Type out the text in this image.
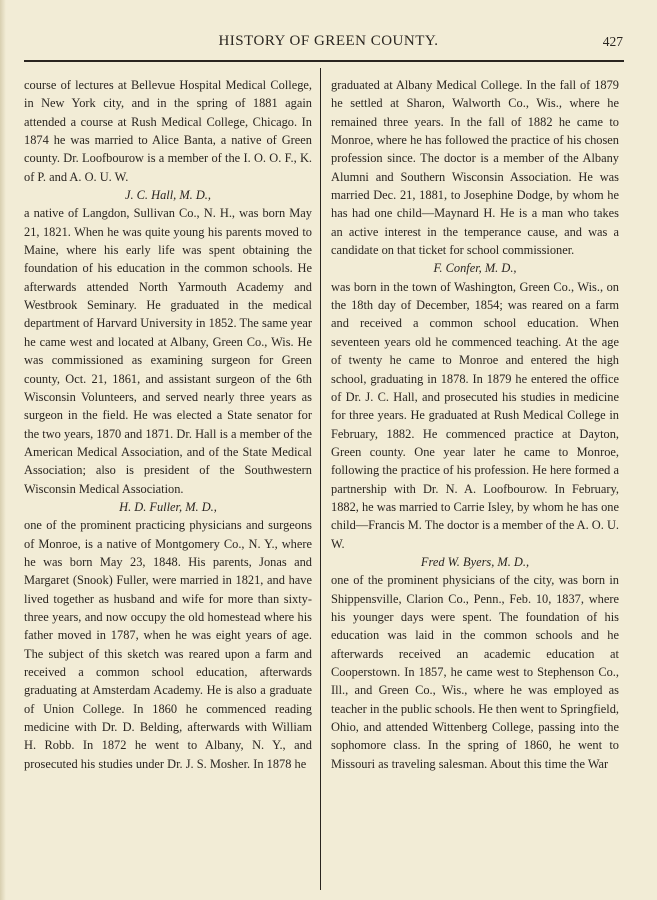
HISTORY OF GREEN COUNTY.	427

course of lectures at Bellevue Hospital Medical College, in New York city, and in the spring of 1881 again attended a course at Rush Medical College, Chicago. In 1874 he was married to Alice Banta, a native of Green county. Dr. Loofbourow is a member of the I. O. O. F., K. of P. and A. O. U. W.

J. C. Hall, M. D.,

a native of Langdon, Sullivan Co., N. H., was born May 21, 1821. When he was quite young his parents moved to Maine, where his early life was spent obtaining the foundation of his education in the common schools. He afterwards attended North Yarmouth Academy and Westbrook Seminary. He graduated in the medical department of Harvard University in 1852. The same year he came west and located at Albany, Green Co., Wis. He was commissioned as examining surgeon for Green county, Oct. 21, 1861, and assistant surgeon of the 6th Wisconsin Volunteers, and served nearly three years as surgeon in the field. He was elected a State senator for the two years, 1870 and 1871. Dr. Hall is a member of the American Medical Association, and of the State Medical Association; also is president of the Southwestern Wisconsin Medical Association.

H. D. Fuller, M. D.,

one of the prominent practicing physicians and surgeons of Monroe, is a native of Montgomery Co., N. Y., where he was born May 23, 1848. His parents, Jonas and Margaret (Snook) Fuller, were married in 1821, and have lived together as husband and wife for more than sixty-three years, and now occupy the old homestead where his father moved in 1787, when he was eight years of age. The subject of this sketch was reared upon a farm and received a common school education, afterwards graduating at Amsterdam Academy. He is also a graduate of Union College. In 1860 he commenced reading medicine with Dr. D. Belding, afterwards with William H. Robb. In 1872 he went to Albany, N. Y., and prosecuted his studies under Dr. J. S. Mosher. In 1878 he

graduated at Albany Medical College. In the fall of 1879 he settled at Sharon, Walworth Co., Wis., where he remained three years. In the fall of 1882 he came to Monroe, where he has followed the practice of his chosen profession since. The doctor is a member of the Albany Alumni and Southern Wisconsin Association. He was married Dec. 21, 1881, to Josephine Dodge, by whom he has had one child—Maynard H. He is a man who takes an active interest in the temperance cause, and was a candidate on that ticket for school commissioner.

F. Confer, M. D.,

was born in the town of Washington, Green Co., Wis., on the 18th day of December, 1854; was reared on a farm and received a common school education. When seventeen years old he commenced teaching. At the age of twenty he came to Monroe and entered the high school, graduating in 1878. In 1879 he entered the office of Dr. J. C. Hall, and prosecuted his studies in medicine for three years. He graduated at Rush Medical College in February, 1882. He commenced practice at Dayton, Green county. One year later he came to Monroe, following the practice of his profession. He here formed a partnership with Dr. N. A. Loofbourow. In February, 1882, he was married to Carrie Isley, by whom he has one child—Francis M. The doctor is a member of the A. O. U. W.

Fred W. Byers, M. D.,

one of the prominent physicians of the city, was born in Shippensville, Clarion Co., Penn., Feb. 10, 1837, where his younger days were spent. The foundation of his education was laid in the common schools and he afterwards received an academic education at Cooperstown. In 1857, he came west to Stephenson Co., Ill., and Green Co., Wis., where he was employed as teacher in the public schools. He then went to Springfield, Ohio, and attended Wittenberg College, passing into the sophomore class. In the spring of 1860, he went to Missouri as traveling salesman. About this time the War
